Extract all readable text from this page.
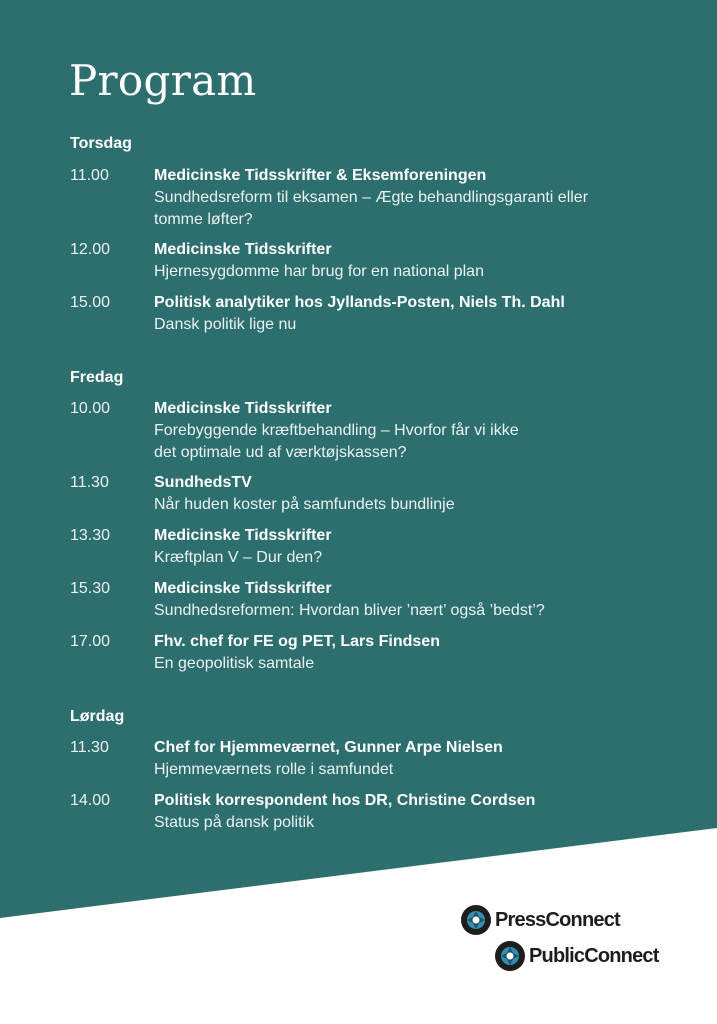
Program
Torsdag
11.00	Medicinske Tidsskrifter & Eksemforeningen
Sundhedsreform til eksamen – Ægte behandlingsgaranti eller
tomme løfter?
12.00	Medicinske Tidsskrifter
Hjernesygdomme har brug for en national plan
15.00	Politisk analytiker hos Jyllands-Posten, Niels Th. Dahl
Dansk politik lige nu
Fredag
10.00	Medicinske Tidsskrifter
Forebyggende kræftbehandling – Hvorfor får vi ikke
det optimale ud af værktøjskassen?
11.30	SundhedsTV
Når huden koster på samfundets bundlinje
13.30	Medicinske Tidsskrifter
Kræftplan V – Dur den?
15.30	Medicinske Tidsskrifter
Sundhedsreformen: Hvordan bliver ’nært’ også ’bedst’?
17.00	Fhv. chef for FE og PET, Lars Findsen
En geopolitisk samtale
Lørdag
11.30	Chef for Hjemmeværnet, Gunner Arpe Nielsen
Hjemmeværnets rolle i samfundet
14.00	Politisk korrespondent hos DR, Christine Cordsen
Status på dansk politik
PressConnect
PublicConnect
